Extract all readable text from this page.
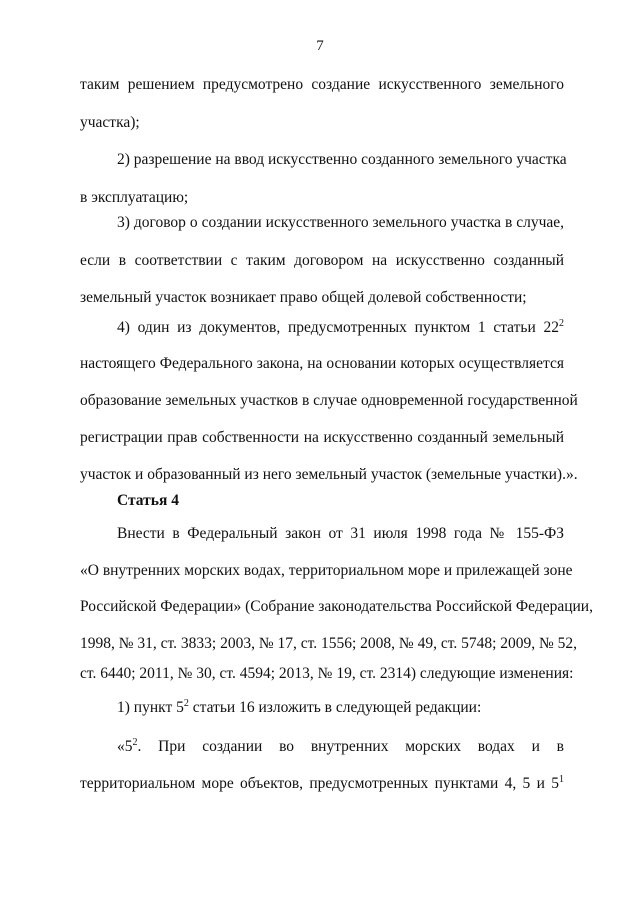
7
таким решением предусмотрено создание искусственного земельного
участка);
2) разрешение на ввод искусственно созданного земельного участка
в эксплуатацию;
3) договор о создании искусственного земельного участка в случае,
если в соответствии с таким договором на искусственно созданный
земельный участок возникает право общей долевой собственности;
4) один из документов, предусмотренных пунктом 1 статьи $22^2$
настоящего Федерального закона, на основании которых осуществляется
образование земельных участков в случае одновременной государственной
регистрации прав собственности на искусственно созданный земельный
участок и образованный из него земельный участок (земельные участки).».
Статья 4
Внести в Федеральный закон от 31 июля 1998 года № 155-ФЗ
«О внутренних морских водах, территориальном море и прилежащей зоне
Российской Федерации» (Собрание законодательства Российской Федерации,
1998, № 31, ст. 3833; 2003, № 17, ст. 1556; 2008, № 49, ст. 5748; 2009, № 52,
ст. 6440; 2011, № 30, ст. 4594; 2013, № 19, ст. 2314) следующие изменения:
1) пункт $5^2$ статьи 16 изложить в следующей редакции:
«$5^2$. При создании во внутренних морских водах и в
территориальном море объектов, предусмотренных пунктами 4, 5 и $5^1$
